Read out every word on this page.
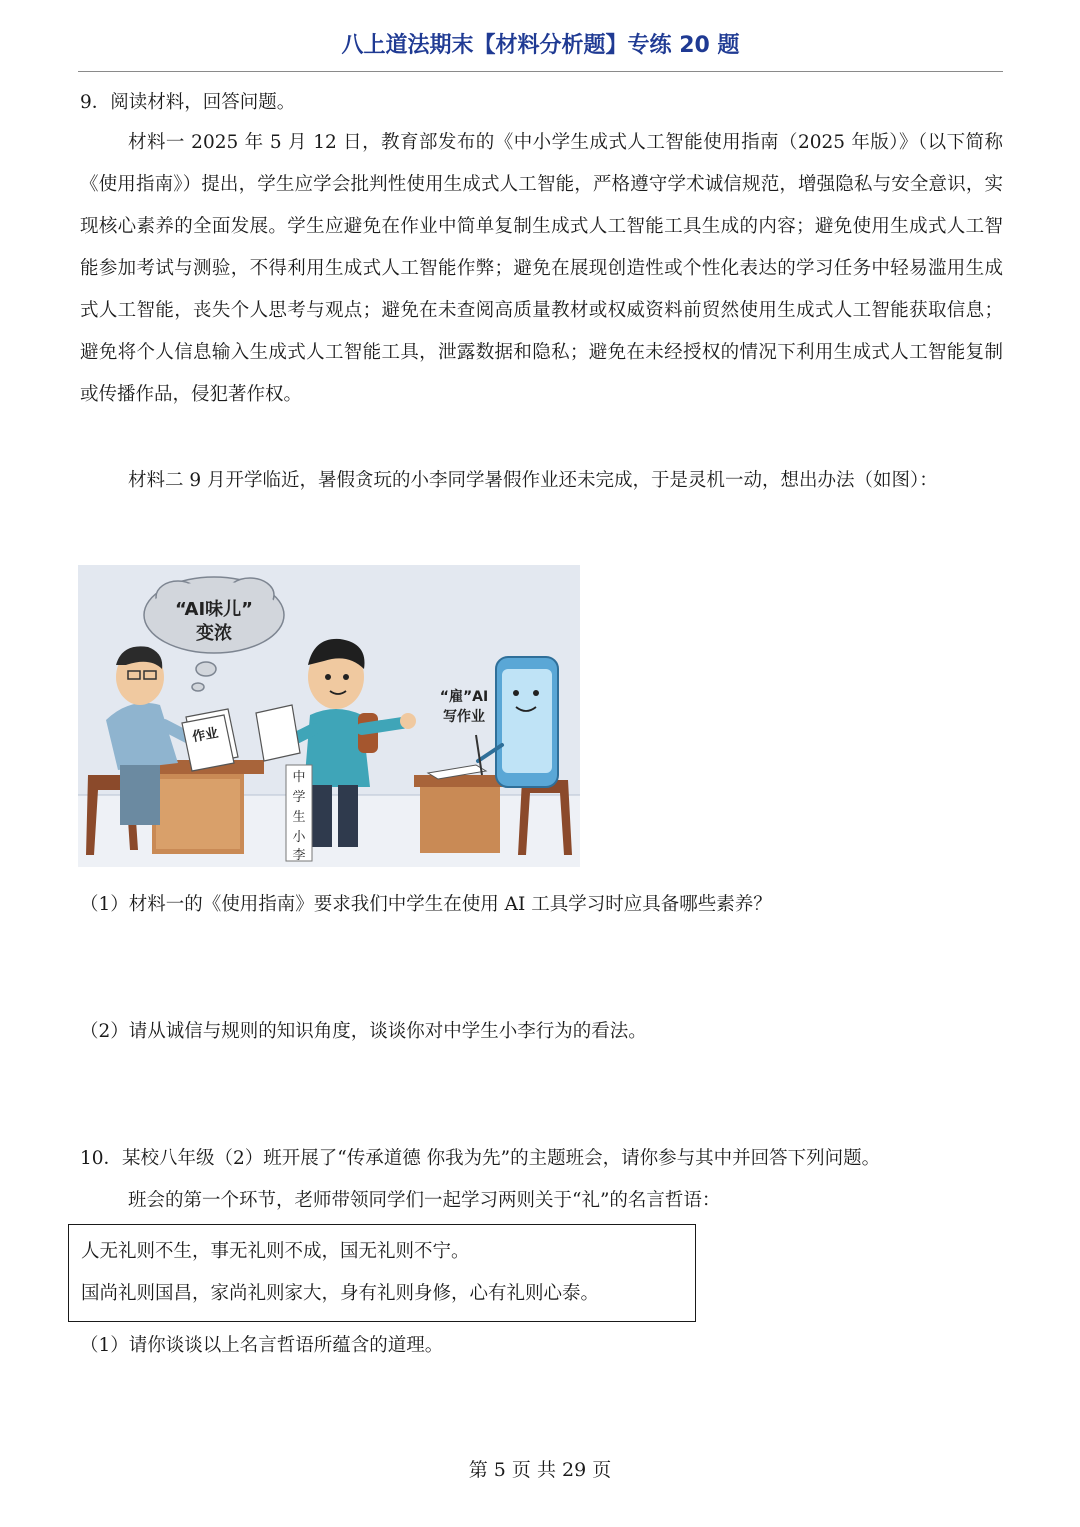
八上道法期末【材料分析题】专练 20 题

9．阅读材料，回答问题。

材料一 2025 年 5 月 12 日，教育部发布的《中小学生成式人工智能使用指南（2025 年版）》（以下简称《使用指南》）提出，学生应学会批判性使用生成式人工智能，严格遵守学术诚信规范，增强隐私与安全意识，实现核心素养的全面发展。学生应避免在作业中简单复制生成式人工智能工具生成的内容；避免使用生成式人工智能参加考试与测验，不得利用生成式人工智能作弊；避免在展现创造性或个性化表达的学习任务中轻易滥用生成式人工智能，丧失个人思考与观点；避免在未查阅高质量教材或权威资料前贸然使用生成式人工智能获取信息；避免将个人信息输入生成式人工智能工具，泄露数据和隐私；避免在未经授权的情况下利用生成式人工智能复制或传播作品，侵犯著作权。

材料二 9 月开学临近，暑假贪玩的小李同学暑假作业还未完成，于是灵机一动，想出办法（如图）：

“AI味儿”
变浓
作业
中
学
生
小
李
“雇”AI
写作业
（1）材料一的《使用指南》要求我们中学生在使用 AI 工具学习时应具备哪些素养？
（2）请从诚信与规则的知识角度，谈谈你对中学生小李行为的看法。
10．某校八年级（2）班开展了“传承道德 你我为先”的主题班会，请你参与其中并回答下列问题。
班会的第一个环节，老师带领同学们一起学习两则关于“礼”的名言哲语：
人无礼则不生，事无礼则不成，国无礼则不宁。
国尚礼则国昌，家尚礼则家大，身有礼则身修，心有礼则心泰。
（1）请你谈谈以上名言哲语所蕴含的道理。
第 5 页 共 29 页
